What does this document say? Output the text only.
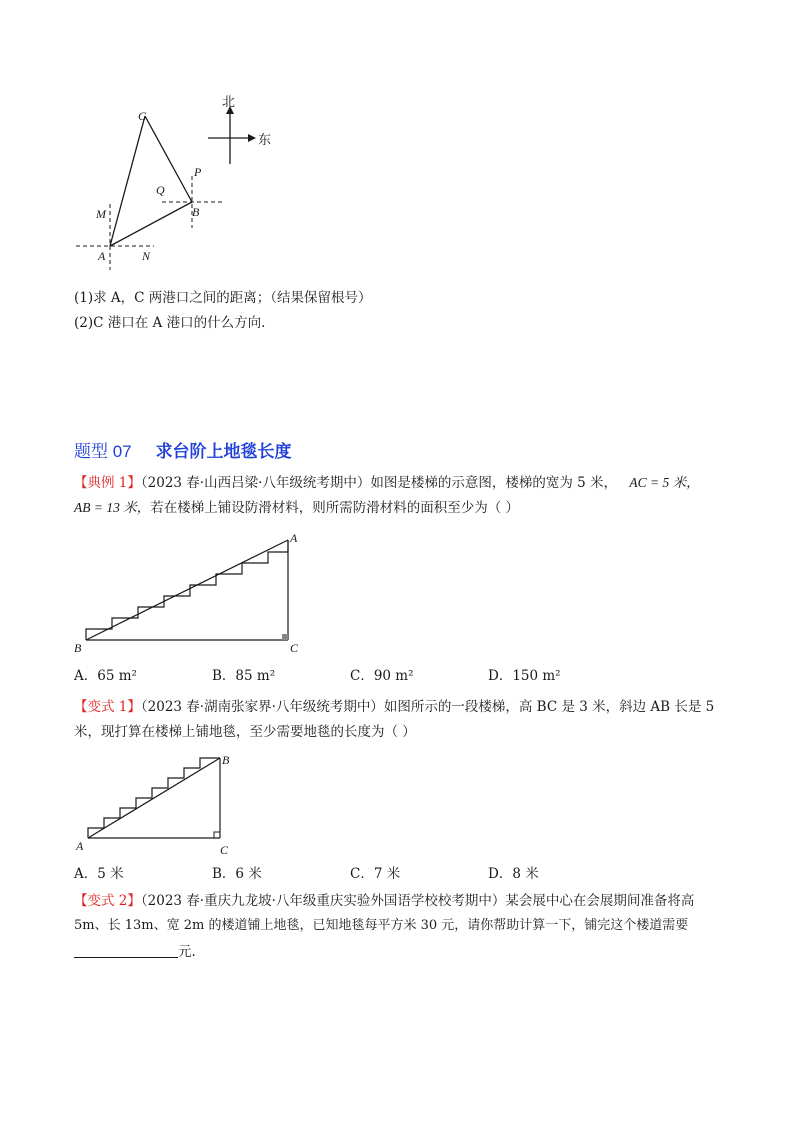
北
东
C
P
Q
B
M
A	N
(1)求 A，C 两港口之间的距离；（结果保留根号）
(2)C 港口在 A 港口的什么方向.
题型 07 求台阶上地毯长度
【典例 1】（2023 春·山西吕梁·八年级统考期中）如图是楼梯的示意图，楼梯的宽为 5 米， AC = 5 米，
AB = 13 米，若在楼梯上铺设防滑材料，则所需防滑材料的面积至少为（ ）
B	C
A
A．65 m²	B．85 m²	C．90 m²	D．150 m²
【变式 1】（2023 春·湖南张家界·八年级统考期中）如图所示的一段楼梯，高 BC 是 3 米，斜边 AB 长是 5
米，现打算在楼梯上铺地毯，至少需要地毯的长度为（ ）
A	C
B
A．5 米	B．6 米	C．7 米	D．8 米
【变式 2】（2023 春·重庆九龙坡·八年级重庆实验外国语学校校考期中）某会展中心在会展期间准备将高
5m、长 13m、宽 2m 的楼道铺上地毯，已知地毯每平方米 30 元，请你帮助计算一下，铺完这个楼道需要
元.
